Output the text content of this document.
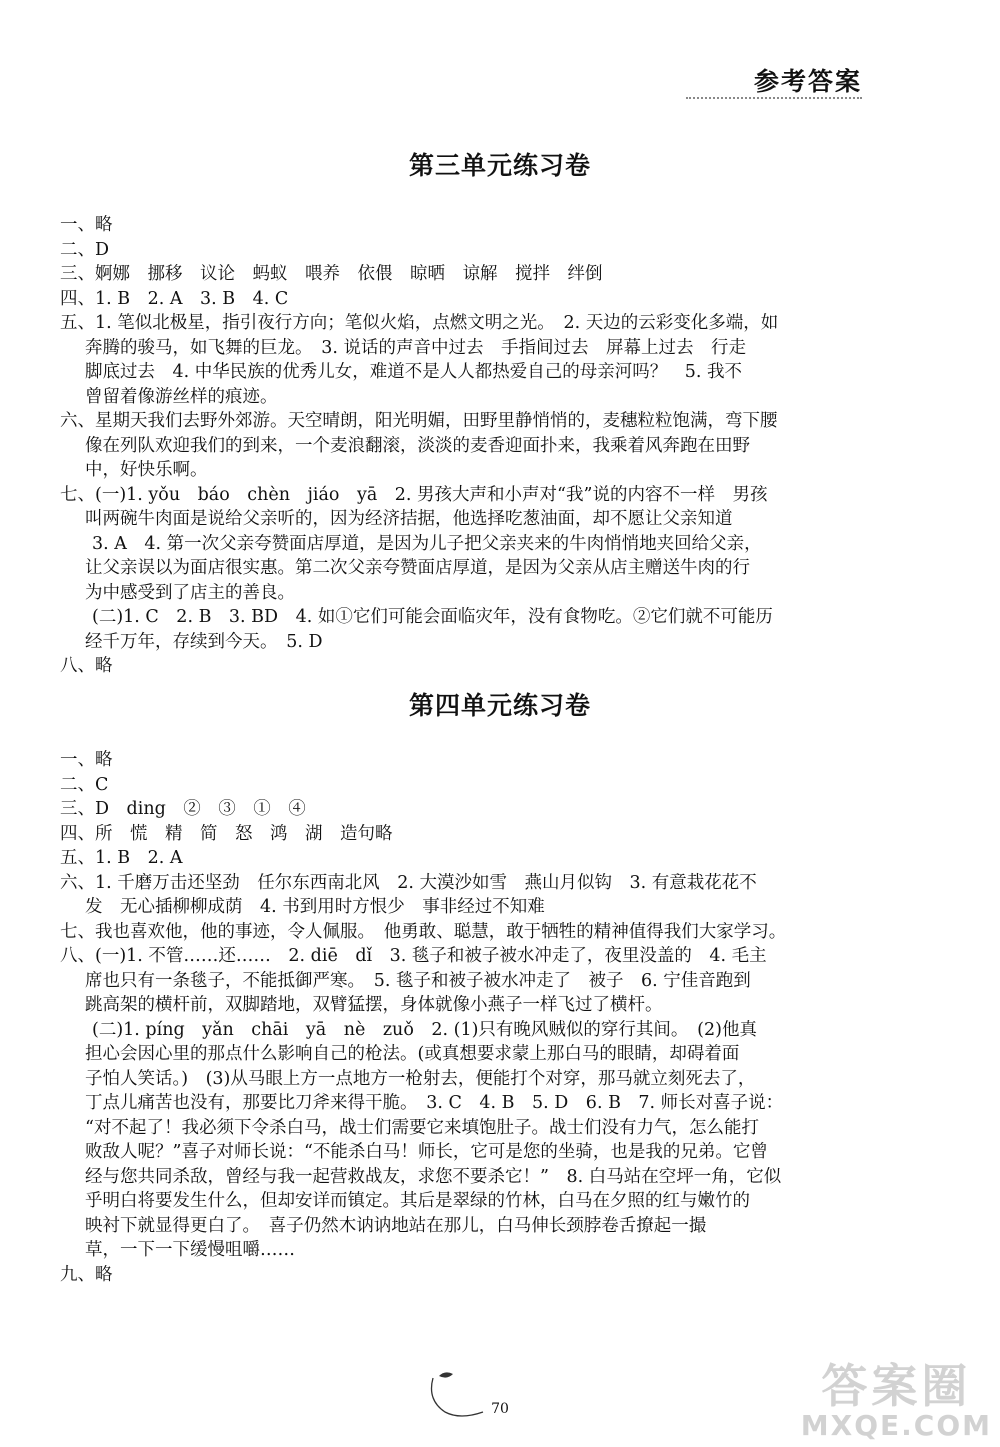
参考答案
第三单元练习卷
一、略
二、D
三、婀娜　挪移　议论　蚂蚁　喂养　依偎　晾晒　谅解　搅拌　绊倒
四、1. B　2. A　3. B　4. C
五、1. 笔似北极星，指引夜行方向；笔似火焰，点燃文明之光。　2. 天边的云彩变化多端，如
奔腾的骏马，如飞舞的巨龙。　3. 说话的声音中过去　手指间过去　屏幕上过去　行走
脚底过去　4. 中华民族的优秀儿女，难道不是人人都热爱自己的母亲河吗？　5. 我不
曾留着像游丝样的痕迹。
六、星期天我们去野外郊游。天空晴朗，阳光明媚，田野里静悄悄的，麦穗粒粒饱满，弯下腰
像在列队欢迎我们的到来，一个麦浪翻滚，淡淡的麦香迎面扑来，我乘着风奔跑在田野
中，好快乐啊。
七、(一)1. yǒu　báo　chèn　jiáo　yā　2. 男孩大声和小声对“我”说的内容不一样　男孩
叫两碗牛肉面是说给父亲听的，因为经济拮据，他选择吃葱油面，却不愿让父亲知道
3. A　4. 第一次父亲夸赞面店厚道，是因为儿子把父亲夹来的牛肉悄悄地夹回给父亲，
让父亲误以为面店很实惠。第二次父亲夸赞面店厚道，是因为父亲从店主赠送牛肉的行
为中感受到了店主的善良。
(二)1. C　2. B　3. BD　4. 如①它们可能会面临灾年，没有食物吃。②它们就不可能历
经千万年，存续到今天。　5. D
八、略
第四单元练习卷
一、略
二、C
三、D　ding　②　③　①　④
四、所　慌　精　简　怒　鸿　湖　造句略
五、1. B　2. A
六、1. 千磨万击还坚劲　任尔东西南北风　2. 大漠沙如雪　燕山月似钩　3. 有意栽花花不
发　无心插柳柳成荫　4. 书到用时方恨少　事非经过不知难
七、我也喜欢他，他的事迹，令人佩服。　他勇敢、聪慧，敢于牺牲的精神值得我们大家学习。
八、(一)1. 不管……还……　2. diē　dǐ　3. 毯子和被子被水冲走了，夜里没盖的　4. 毛主
席也只有一条毯子，不能抵御严寒。　5. 毯子和被子被水冲走了　被子　6. 宁佳音跑到
跳高架的横杆前，双脚踏地，双臂猛摆，身体就像小燕子一样飞过了横杆。
(二)1. píng　yǎn　chāi　yā　nè　zuǒ　2. (1)只有晚风贼似的穿行其间。　(2)他真
担心会因心里的那点什么影响自己的枪法。(或真想要求蒙上那白马的眼睛，却碍着面
子怕人笑话。)　(3)从马眼上方一点地方一枪射去，便能打个对穿，那马就立刻死去了，
丁点儿痛苦也没有，那要比刀斧来得干脆。　3. C　4. B　5. D　6. B　7. 师长对喜子说：
“对不起了！我必须下令杀白马，战士们需要它来填饱肚子。战士们没有力气，怎么能打
败敌人呢？”喜子对师长说：“不能杀白马！师长，它可是您的坐骑，也是我的兄弟。它曾
经与您共同杀敌，曾经与我一起营救战友，求您不要杀它！”　8. 白马站在空坪一角，它似
乎明白将要发生什么，但却安详而镇定。其后是翠绿的竹林，白马在夕照的红与嫩竹的
映衬下就显得更白了。　喜子仍然木讷讷地站在那儿，白马伸长颈脖卷舌撩起一撮
草，一下一下缓慢咀嚼……
九、略
70	答案圈
MXQE.COM
